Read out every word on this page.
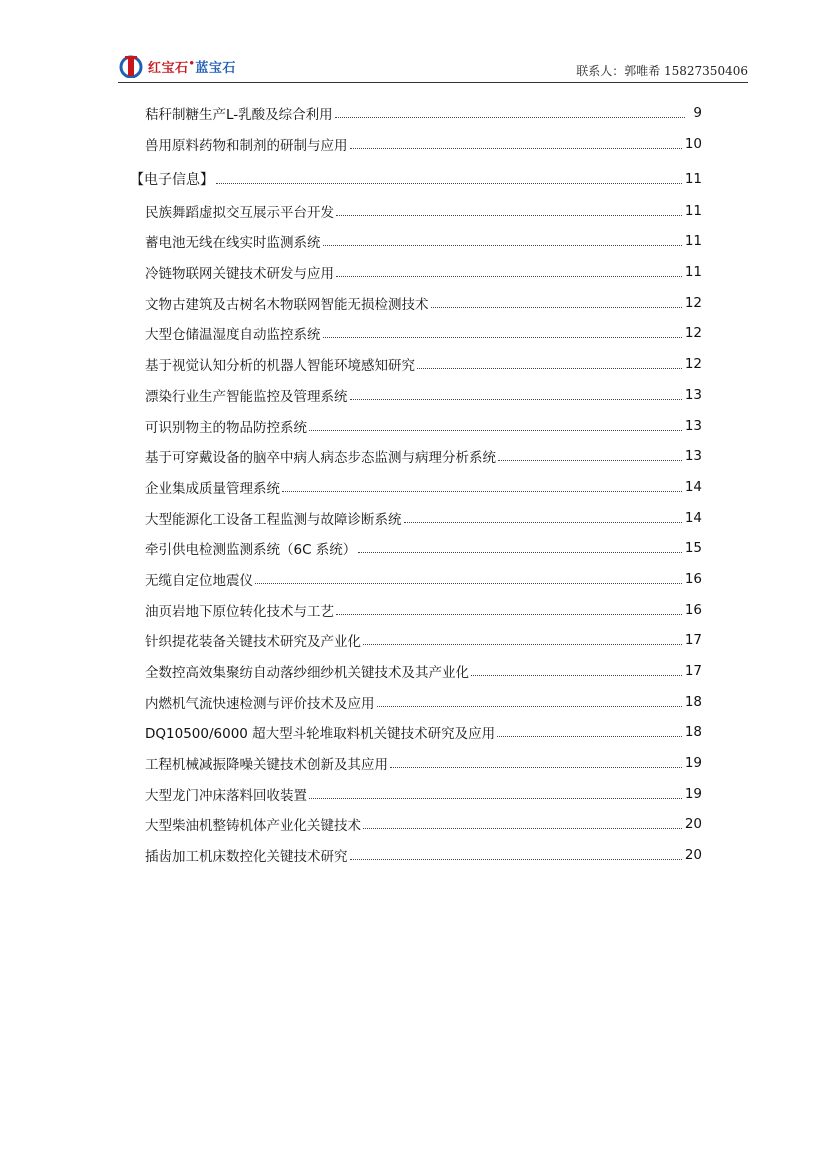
红宝石•蓝宝石	联系人：郭唯希 15827350406
秸秆制糖生产L-乳酸及综合利用	9
兽用原料药物和制剂的研制与应用	10
【电子信息】	11
民族舞蹈虚拟交互展示平台开发	11
蓄电池无线在线实时监测系统	11
冷链物联网关键技术研发与应用	11
文物古建筑及古树名木物联网智能无损检测技术	12
大型仓储温湿度自动监控系统	12
基于视觉认知分析的机器人智能环境感知研究	12
漂染行业生产智能监控及管理系统	13
可识别物主的物品防控系统	13
基于可穿戴设备的脑卒中病人病态步态监测与病理分析系统	13
企业集成质量管理系统	14
大型能源化工设备工程监测与故障诊断系统	14
牵引供电检测监测系统（6C 系统）	15
无缆自定位地震仪	16
油页岩地下原位转化技术与工艺	16
针织提花装备关键技术研究及产业化	17
全数控高效集聚纺自动落纱细纱机关键技术及其产业化	17
内燃机气流快速检测与评价技术及应用	18
DQ10500/6000 超大型斗轮堆取料机关键技术研究及应用	18
工程机械减振降噪关键技术创新及其应用	19
大型龙门冲床落料回收装置	19
大型柴油机整铸机体产业化关键技术	20
插齿加工机床数控化关键技术研究	20
